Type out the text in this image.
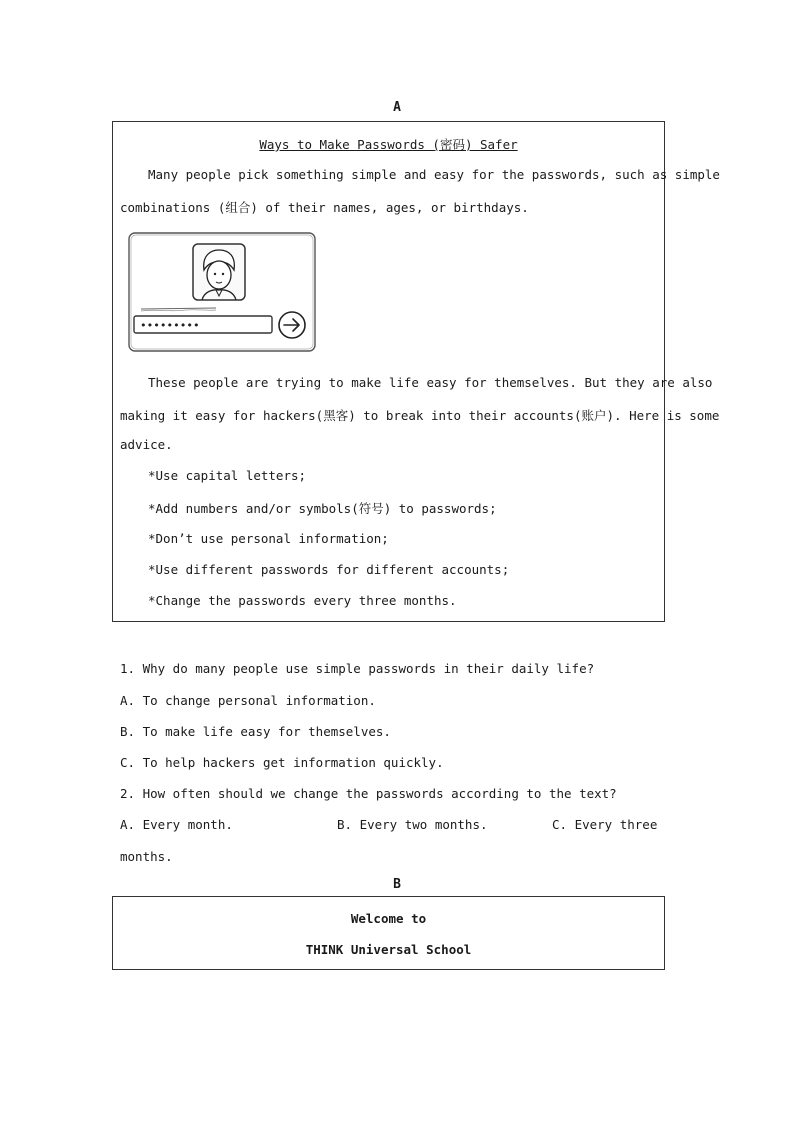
A
Ways to Make Passwords (密码) Safer
Many people pick something simple and easy for the passwords, such as simple
combinations (组合) of their names, ages, or birthdays.
•••••••••
These people are trying to make life easy for themselves. But they are also
making it easy for hackers(黑客) to break into their accounts(账户). Here is some
advice.
*Use capital letters;
*Add numbers and/or symbols(符号) to passwords;
*Don’t use personal information;
*Use different passwords for different accounts;
*Change the passwords every three months.
1. Why do many people use simple passwords in their daily life?
A. To change personal information.
B. To make life easy for themselves.
C. To help hackers get information quickly.
2. How often should we change the passwords according to the text?
A. Every month.	B. Every two months.	C. Every three
months.
B
Welcome to
THINK Universal School
